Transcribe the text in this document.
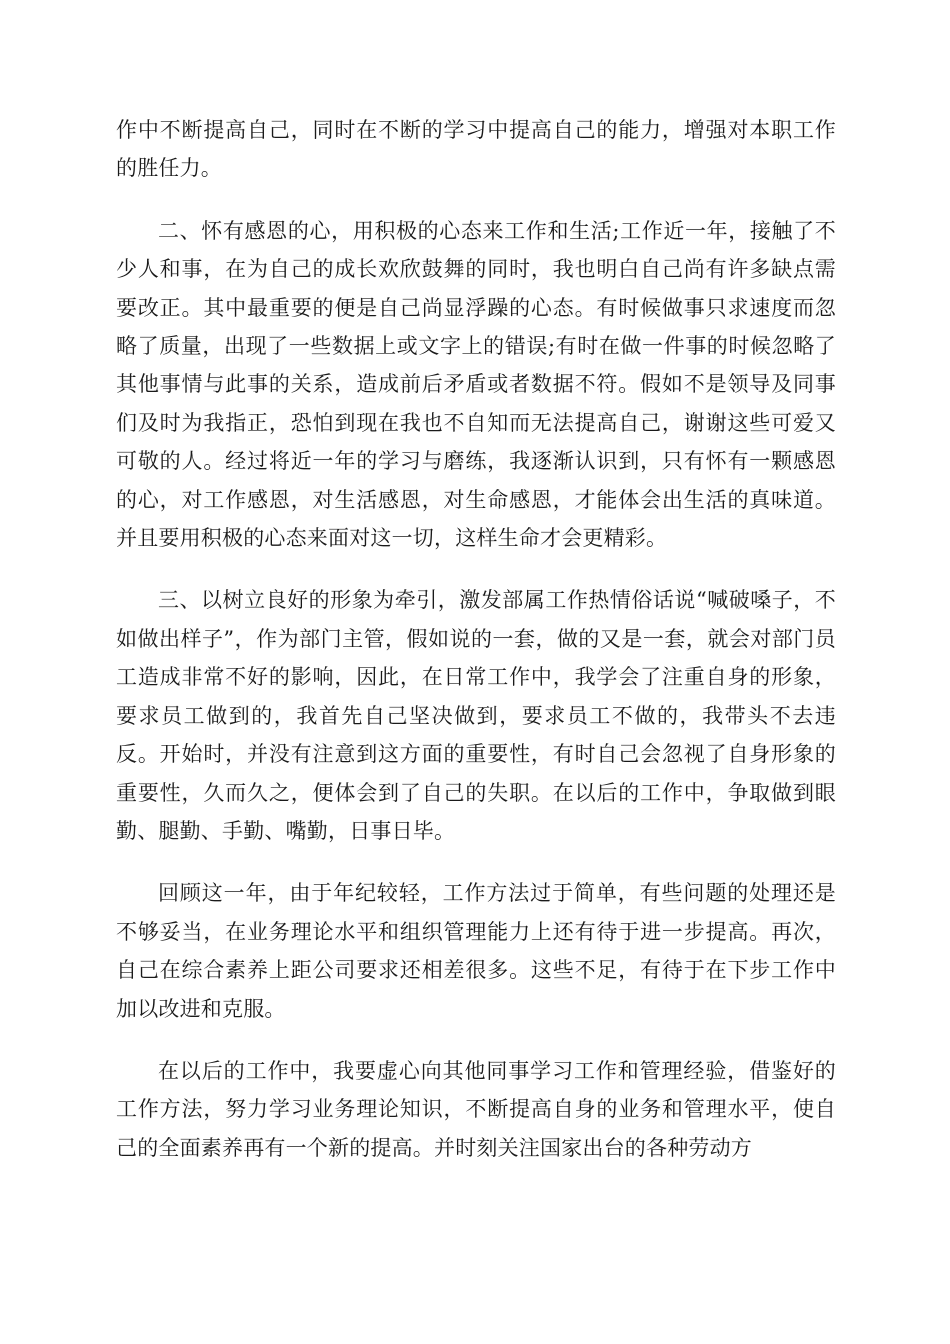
作中不断提高自己，同时在不断的学习中提高自己的能力，增强对本职工作的胜任力。

二、怀有感恩的心，用积极的心态来工作和生活;工作近一年，接触了不少人和事，在为自己的成长欢欣鼓舞的同时，我也明白自己尚有许多缺点需要改正。其中最重要的便是自己尚显浮躁的心态。有时候做事只求速度而忽略了质量，出现了一些数据上或文字上的错误;有时在做一件事的时候忽略了其他事情与此事的关系，造成前后矛盾或者数据不符。假如不是领导及同事们及时为我指正，恐怕到现在我也不自知而无法提高自己，谢谢这些可爱又可敬的人。经过将近一年的学习与磨练，我逐渐认识到，只有怀有一颗感恩的心，对工作感恩，对生活感恩，对生命感恩，才能体会出生活的真味道。并且要用积极的心态来面对这一切，这样生命才会更精彩。

三、以树立良好的形象为牵引，激发部属工作热情俗话说“喊破嗓子，不如做出样子”，作为部门主管，假如说的一套，做的又是一套，就会对部门员工造成非常不好的影响，因此，在日常工作中，我学会了注重自身的形象，要求员工做到的，我首先自己坚决做到，要求员工不做的，我带头不去违反。开始时，并没有注意到这方面的重要性，有时自己会忽视了自身形象的重要性，久而久之，便体会到了自己的失职。在以后的工作中，争取做到眼勤、腿勤、手勤、嘴勤，日事日毕。

回顾这一年，由于年纪较轻，工作方法过于简单，有些问题的处理还是不够妥当，在业务理论水平和组织管理能力上还有待于进一步提高。再次，自己在综合素养上距公司要求还相差很多。这些不足，有待于在下步工作中加以改进和克服。

在以后的工作中，我要虚心向其他同事学习工作和管理经验，借鉴好的工作方法，努力学习业务理论知识，不断提高自身的业务和管理水平，使自己的全面素养再有一个新的提高。并时刻关注国家出台的各种劳动方
